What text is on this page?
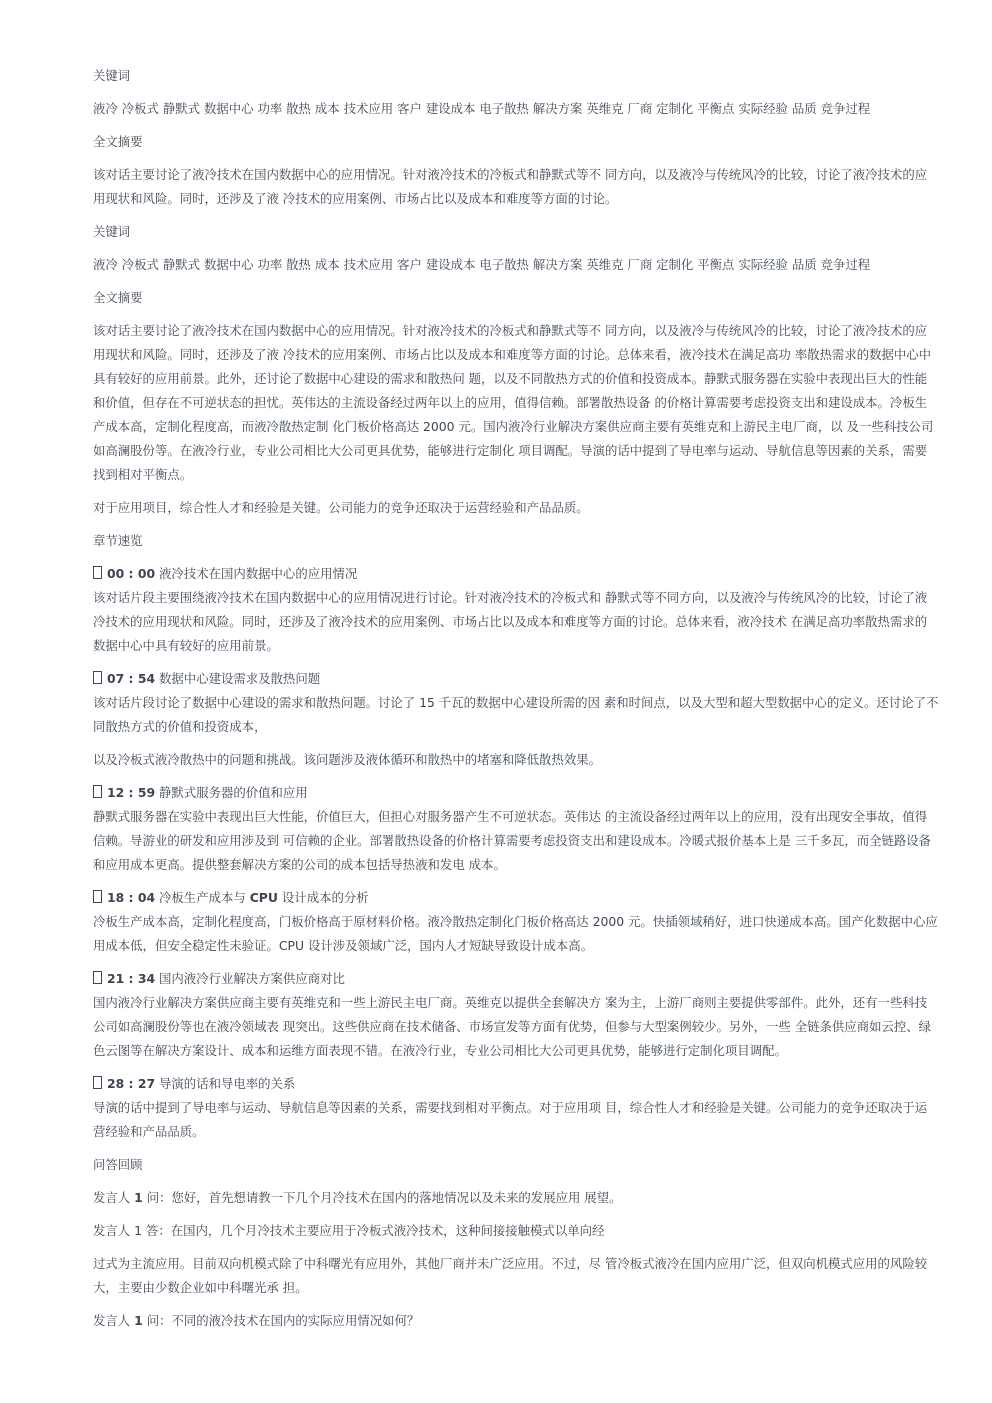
关键词

液冷 冷板式 静默式 数据中心 功率 散热 成本 技术应用 客户 建设成本 电子散热 解决方案 英维克 厂商 定制化 平衡点 实际经验 品质 竞争过程

全文摘要

该对话主要讨论了液冷技术在国内数据中心的应用情况。针对液冷技术的冷板式和静默式等不 同方向，以及液冷与传统风冷的比较，讨论了液冷技术的应用现状和风险。同时，还涉及了液 冷技术的应用案例、市场占比以及成本和难度等方面的讨论。

关键词

液冷 冷板式 静默式 数据中心 功率 散热 成本 技术应用 客户 建设成本 电子散热 解决方案 英维克 厂商 定制化 平衡点 实际经验 品质 竞争过程

全文摘要

该对话主要讨论了液冷技术在国内数据中心的应用情况。针对液冷技术的冷板式和静默式等不 同方向，以及液冷与传统风冷的比较，讨论了液冷技术的应用现状和风险。同时，还涉及了液 冷技术的应用案例、市场占比以及成本和难度等方面的讨论。总体来看，液冷技术在满足高功 率散热需求的数据中心中具有较好的应用前景。此外，还讨论了数据中心建设的需求和散热问 题，以及不同散热方式的价值和投资成本。静默式服务器在实验中表现出巨大的性能和价值，但存在不可逆状态的担忧。英伟达的主流设备经过两年以上的应用，值得信赖。部署散热设备 的价格计算需要考虑投资支出和建设成本。冷板生产成本高，定制化程度高，而液冷散热定制 化门板价格高达 2000 元。国内液冷行业解决方案供应商主要有英维克和上游民主电厂商，以 及一些科技公司如高澜股份等。在液冷行业，专业公司相比大公司更具优势，能够进行定制化 项目调配。导演的话中提到了导电率与运动、导航信息等因素的关系，需要找到相对平衡点。

对于应用项目，综合性人才和经验是关键。公司能力的竞争还取决于运营经验和产品品质。

章节速览

00 : 00 液冷技术在国内数据中心的应用情况

该对话片段主要围绕液冷技术在国内数据中心的应用情况进行讨论。针对液冷技术的冷板式和 静默式等不同方向，以及液冷与传统风冷的比较，讨论了液冷技术的应用现状和风险。同时，还涉及了液冷技术的应用案例、市场占比以及成本和难度等方面的讨论。总体来看，液冷技术 在满足高功率散热需求的数据中心中具有较好的应用前景。

07 : 54 数据中心建设需求及散热问题

该对话片段讨论了数据中心建设的需求和散热问题。讨论了 15 千瓦的数据中心建设所需的因 素和时间点，以及大型和超大型数据中心的定义。还讨论了不同散热方式的价值和投资成本，

以及冷板式液冷散热中的问题和挑战。该问题涉及液体循环和散热中的堵塞和降低散热效果。

12 : 59 静默式服务器的价值和应用

静默式服务器在实验中表现出巨大性能，价值巨大，但担心对服务器产生不可逆状态。英伟达 的主流设备经过两年以上的应用，没有出现安全事故，值得信赖。导游业的研发和应用涉及到 可信赖的企业。部署散热设备的价格计算需要考虑投资支出和建设成本。冷暖式报价基本上是 三千多瓦，而全链路设备和应用成本更高。提供整套解决方案的公司的成本包括导热液和发电 成本。

18 : 04 冷板生产成本与 CPU 设计成本的分析

冷板生产成本高，定制化程度高，门板价格高于原材料价格。液冷散热定制化门板价格高达 2000 元。快插领域稍好，进口快递成本高。国产化数据中心应用成本低，但安全稳定性未验证。CPU 设计涉及领域广泛，国内人才短缺导致设计成本高。

21 : 34 国内液冷行业解决方案供应商对比

国内液冷行业解决方案供应商主要有英维克和一些上游民主电厂商。英维克以提供全套解决方 案为主，上游厂商则主要提供零部件。此外，还有一些科技公司如高澜股份等也在液冷领域表 现突出。这些供应商在技术储备、市场宣发等方面有优势，但参与大型案例较少。另外，一些 全链条供应商如云控、绿色云图等在解决方案设计、成本和运维方面表现不错。在液冷行业，专业公司相比大公司更具优势，能够进行定制化项目调配。

28 : 27 导演的话和导电率的关系

导演的话中提到了导电率与运动、导航信息等因素的关系，需要找到相对平衡点。对于应用项 目，综合性人才和经验是关键。公司能力的竞争还取决于运营经验和产品品质。

问答回顾

发言人 1 问：您好，首先想请教一下几个月冷技术在国内的落地情况以及未来的发展应用 展望。

发言人 1 答：在国内，几个月冷技术主要应用于冷板式液冷技术，这种间接接触模式以单向经

过式为主流应用。目前双向机模式除了中科曙光有应用外，其他厂商并未广泛应用。不过，尽 管冷板式液冷在国内应用广泛，但双向机模式应用的风险较大，主要由少数企业如中科曙光承 担。

发言人 1 问：不同的液冷技术在国内的实际应用情况如何？
